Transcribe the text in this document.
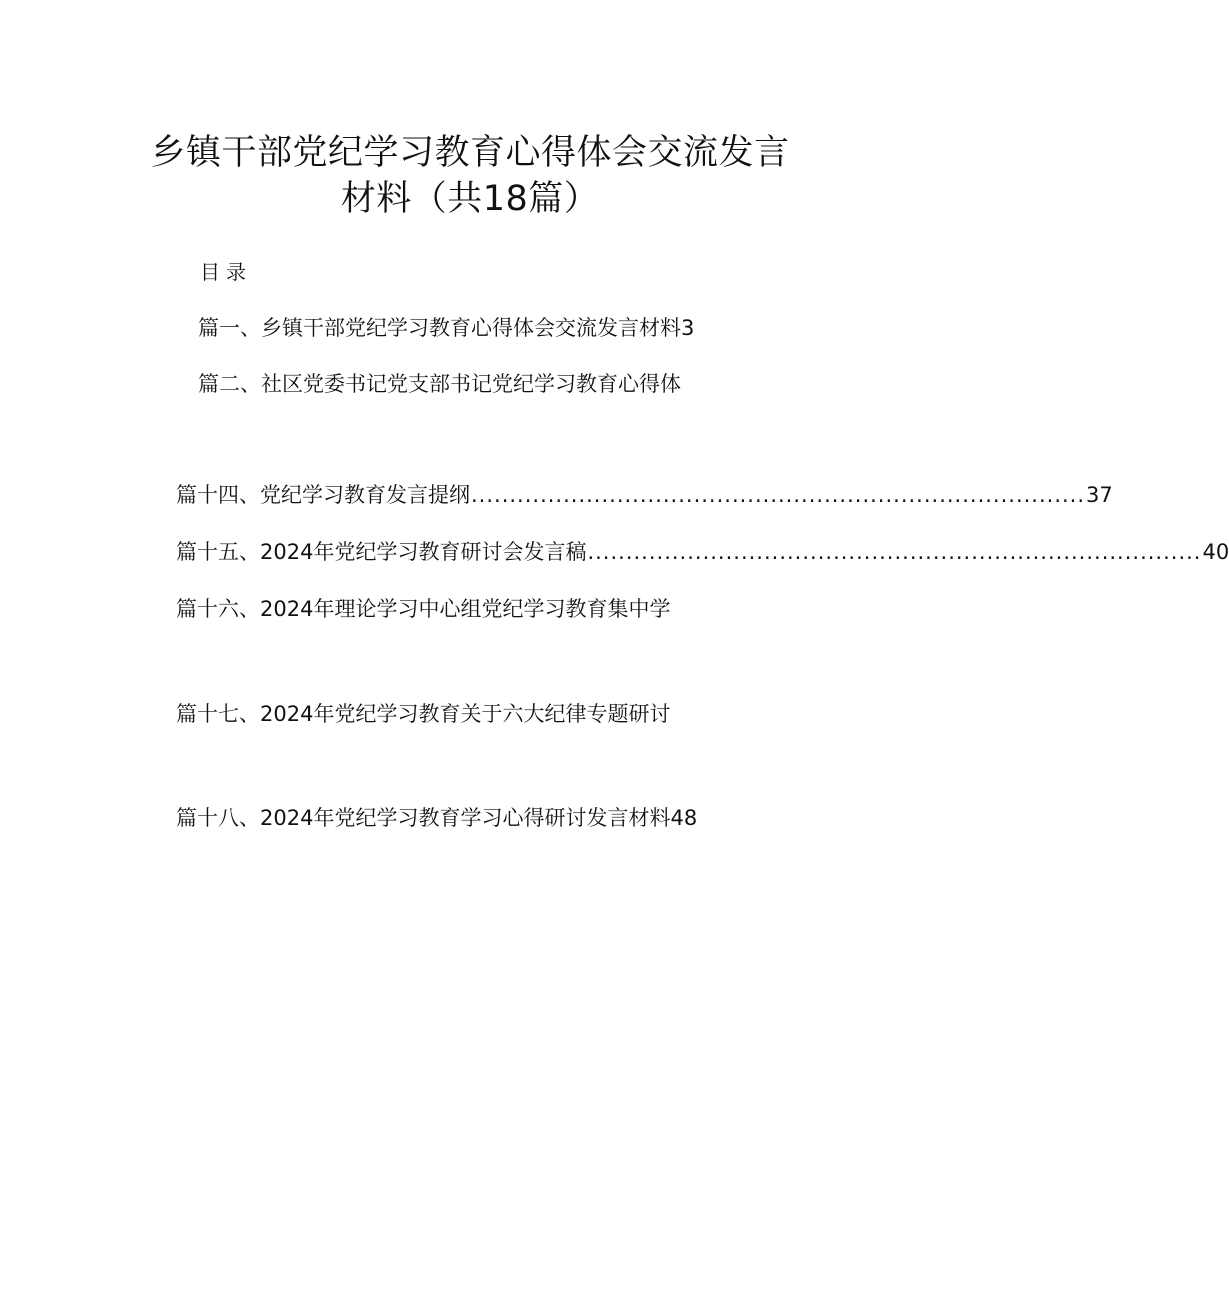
乡镇干部党纪学习教育心得体会交流发言
材料（共18篇）
目录
篇一、乡镇干部党纪学习教育心得体会交流发言材料 3
篇二、社区党委书记党支部书记党纪学习教育心得体
篇十四、党纪学习教育发言提纲 ................................................................................ 37
篇十五、2024年党纪学习教育研讨会发言稿 ................................................................................ 40
篇十六、2024年理论学习中心组党纪学习教育集中学
篇十七、2024年党纪学习教育关于六大纪律专题研讨
篇十八、2024年党纪学习教育学习心得研讨发言材料 48
